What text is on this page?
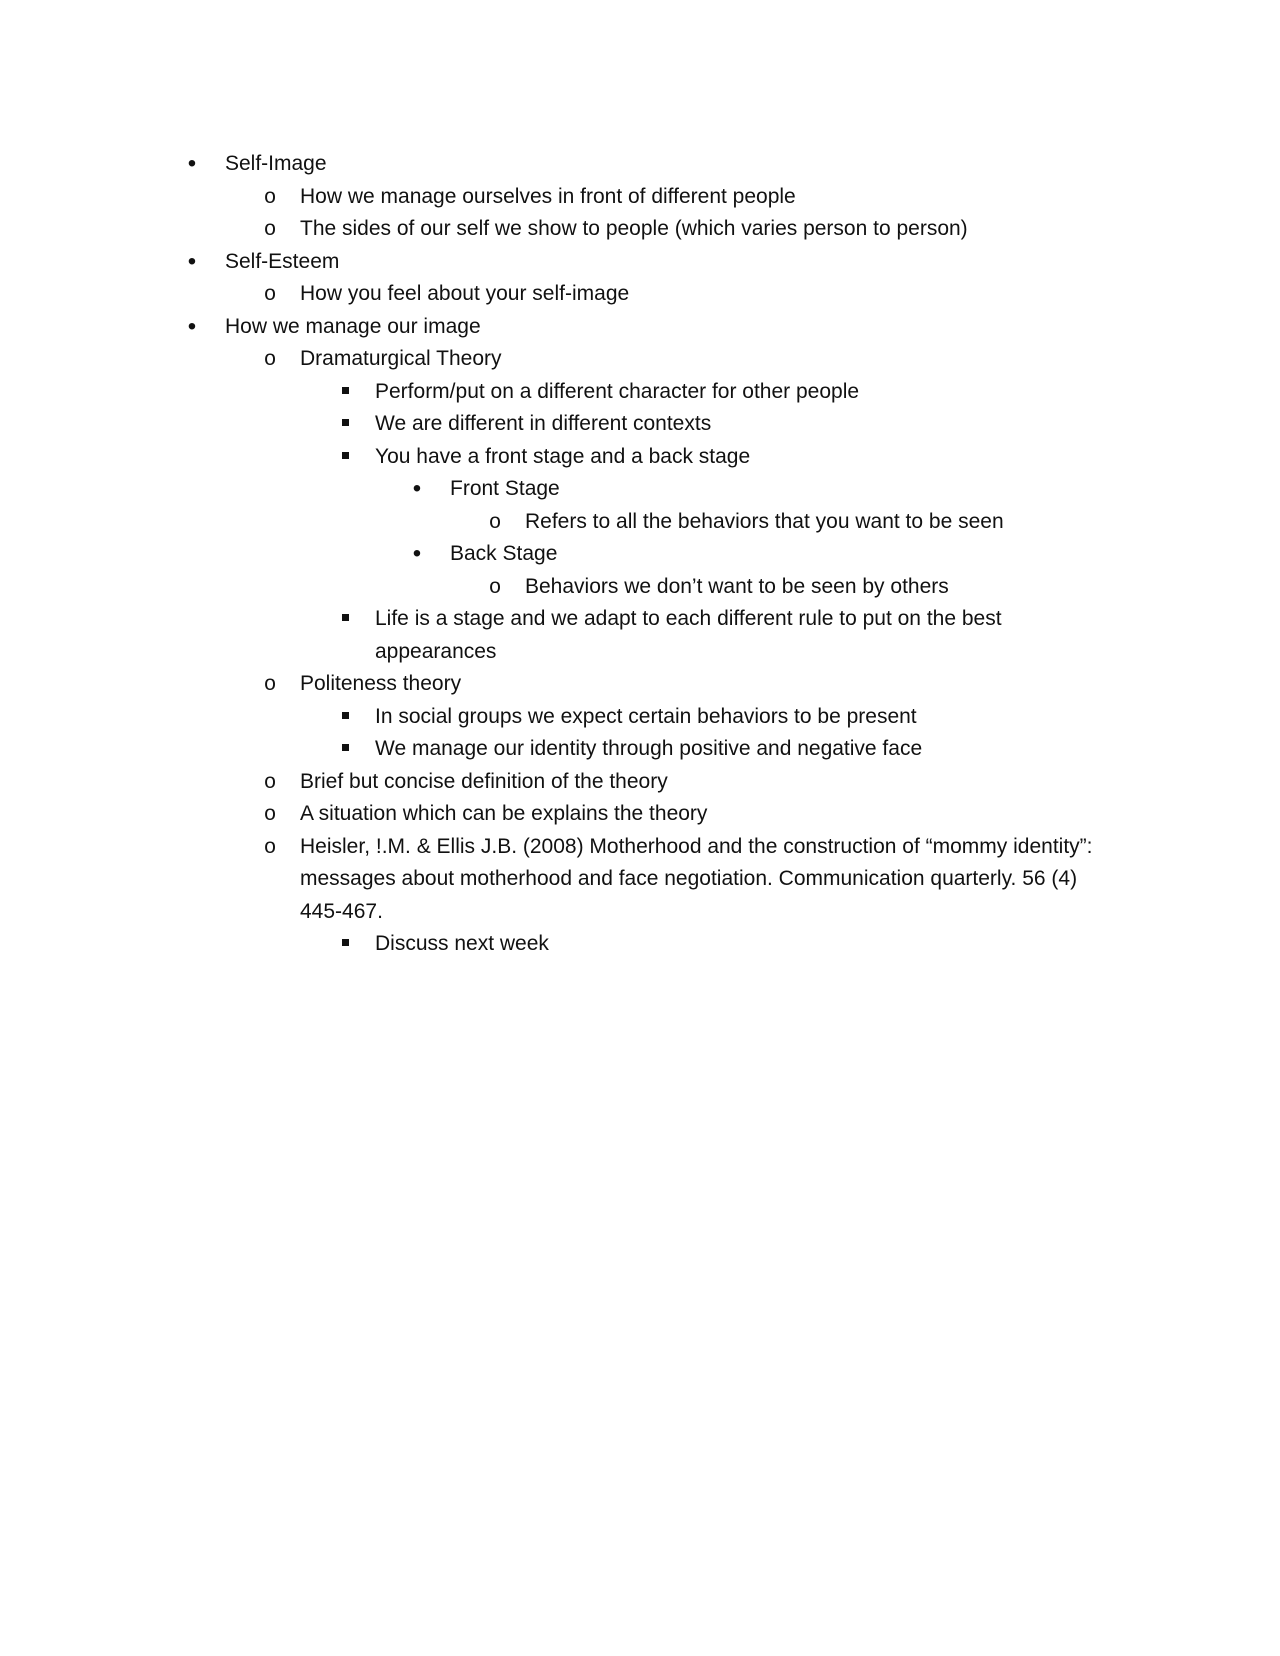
•
Self-Image
o
How we manage ourselves in front of different people
o
The sides of our self we show to people (which varies person to person)
•
Self-Esteem
o
How you feel about your self-image
•
How we manage our image
o
Dramaturgical Theory
Perform/put on a different character for other people
We are different in different contexts
You have a front stage and a back stage
•
Front Stage
o
Refers to all the behaviors that you want to be seen
•
Back Stage
o
Behaviors we don’t want to be seen by others
Life is a stage and we adapt to each different rule to put on the best appearances
o
Politeness theory
In social groups we expect certain behaviors to be present
We manage our identity through positive and negative face
o
Brief but concise definition of the theory
o
A situation which can be explains the theory
o
Heisler, !.M. & Ellis J.B. (2008) Motherhood and the construction of “mommy identity”: messages about motherhood and face negotiation. Communication quarterly. 56 (4) 445-467.
Discuss next week
